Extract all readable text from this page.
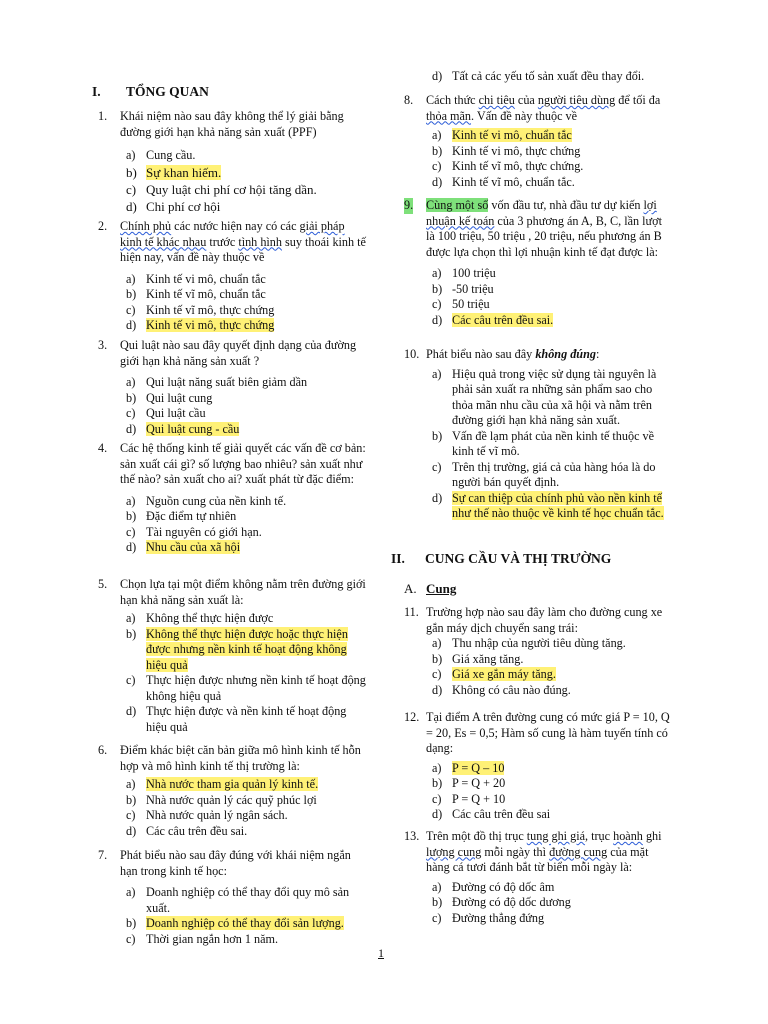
I. TỔNG QUAN
1. Khái niệm nào sau đây không thể lý giải bằng đường giới hạn khả năng sản xuất (PPF)
a) Cung cầu.
b) Sự khan hiếm.
c) Quy luật chi phí cơ hội tăng dần.
d) Chi phí cơ hội
2. Chính phủ các nước hiện nay có các giải pháp kinh tế khác nhau trước tình hình suy thoái kinh tế hiện nay, vấn đề này thuộc về
a) Kinh tế vi mô, chuẩn tắc
b) Kinh tế vĩ mô, chuẩn tắc
c) Kinh tế vĩ mô, thực chứng
d) Kinh tế vi mô, thực chứng
3. Qui luật nào sau đây quyết định dạng của đường giới hạn khả năng sản xuất ?
a) Qui luật năng suất biên giảm dần
b) Qui luật cung
c) Qui luật cầu
d) Qui luật cung - cầu
4. Các hệ thống kinh tế giải quyết các vấn đề cơ bản: sản xuất cái gì? số lượng bao nhiêu? sản xuất như thế nào? sản xuất cho ai? xuất phát từ đặc điểm:
a) Nguồn cung của nền kinh tế.
b) Đặc điểm tự nhiên
c) Tài nguyên có giới hạn.
d) Nhu cầu của xã hội
5. Chọn lựa tại một điểm không nằm trên đường giới hạn khả năng sản xuất là:
a) Không thể thực hiện được
b) Không thể thực hiện được hoặc thực hiện được nhưng nền kinh tế hoạt động không hiệu quả
c) Thực hiện được nhưng nền kinh tế hoạt động không hiệu quả
d) Thực hiện được và nền kinh tế hoạt động hiệu quả
6. Điểm khác biệt căn bản giữa mô hình kinh tế hỗn hợp và mô hình kinh tế thị trường là:
a) Nhà nước tham gia quản lý kinh tế.
b) Nhà nước quản lý các quỹ phúc lợi
c) Nhà nước quản lý ngân sách.
d) Các câu trên đều sai.
7. Phát biểu nào sau đây đúng với khái niệm ngắn hạn trong kinh tế học:
a) Doanh nghiệp có thể thay đổi quy mô sản xuất.
b) Doanh nghiệp có thể thay đổi sản lượng.
c) Thời gian ngắn hơn 1 năm.
d) Tất cả các yếu tố sản xuất đều thay đổi.
8. Cách thức chi tiêu của người tiêu dùng để tối đa thỏa mãn. Vấn đề này thuộc về
a) Kinh tế vi mô, chuẩn tắc
b) Kinh tế vi mô, thực chứng
c) Kinh tế vĩ mô, thực chứng.
d) Kinh tế vĩ mô, chuẩn tắc.
9. Cùng một số vốn đầu tư, nhà đầu tư dự kiến lợi nhuận kế toán của 3 phương án A, B, C, lần lượt là 100 triệu, 50 triệu , 20 triệu, nếu phương án B được lựa chọn thì lợi nhuận kinh tế đạt được là:
a) 100 triệu
b) -50 triệu
c) 50 triệu
d) Các câu trên đều sai.
10. Phát biểu nào sau đây không đúng:
a) Hiệu quả trong việc sử dụng tài nguyên là phải sản xuất ra những sản phẩm sao cho thỏa mãn nhu cầu của xã hội và nằm trên đường giới hạn khả năng sản xuất.
b) Vấn đề lạm phát của nền kinh tế thuộc về kinh tế vĩ mô.
c) Trên thị trường, giá cả của hàng hóa là do người bán quyết định.
d) Sự can thiệp của chính phủ vào nền kinh tế như thế nào thuộc về kinh tế học chuẩn tắc.
II. CUNG CẦU VÀ THỊ TRƯỜNG
A. Cung
11. Trường hợp nào sau đây làm cho đường cung xe gắn máy dịch chuyển sang trái:
a) Thu nhập của người tiêu dùng tăng.
b) Giá xăng tăng.
c) Giá xe gắn máy tăng.
d) Không có câu nào đúng.
12. Tại điểm A trên đường cung có mức giá P = 10, Q = 20, Es = 0,5; Hàm số cung là hàm tuyến tính có dạng:
a) P = Q – 10
b) P = Q + 20
c) P = Q + 10
d) Các câu trên đều sai
13. Trên một đồ thị trục tung ghi giá, trục hoành ghi lượng cung mỗi ngày thì đường cung của mặt hàng cá tươi đánh bắt từ biển mỗi ngày là:
a) Đường có độ dốc âm
b) Đường có độ dốc dương
c) Đường thẳng đứng
1
